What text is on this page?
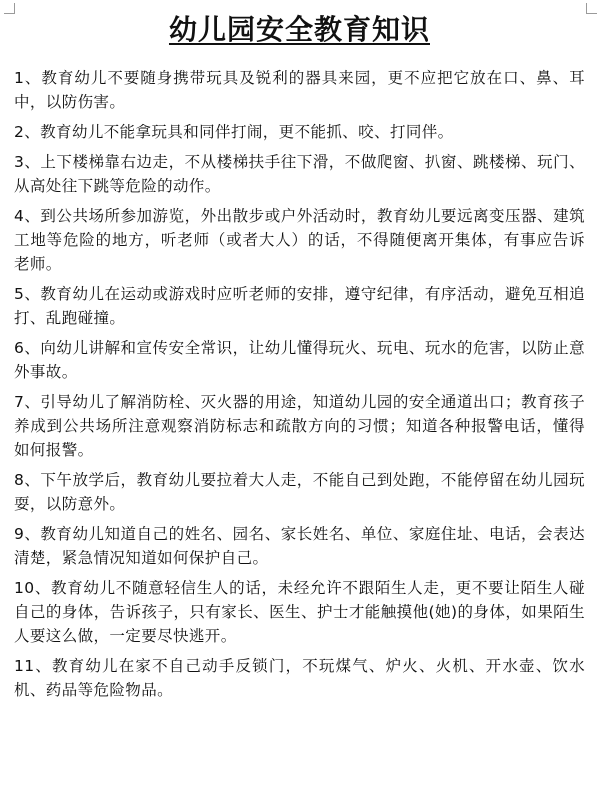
幼儿园安全教育知识
1、教育幼儿不要随身携带玩具及锐利的器具来园，更不应把它放在口、鼻、耳中，以防伤害。
2、教育幼儿不能拿玩具和同伴打闹，更不能抓、咬、打同伴。
3、上下楼梯靠右边走，不从楼梯扶手往下滑，不做爬窗、扒窗、跳楼梯、玩门、从高处往下跳等危险的动作。
4、到公共场所参加游览，外出散步或户外活动时，教育幼儿要远离变压器、建筑工地等危险的地方，听老师（或者大人）的话，不得随便离开集体，有事应告诉老师。
5、教育幼儿在运动或游戏时应听老师的安排，遵守纪律，有序活动，避免互相追打、乱跑碰撞。
6、向幼儿讲解和宣传安全常识，让幼儿懂得玩火、玩电、玩水的危害，以防止意外事故。
7、引导幼儿了解消防栓、灭火器的用途，知道幼儿园的安全通道出口；教育孩子养成到公共场所注意观察消防标志和疏散方向的习惯；知道各种报警电话，懂得如何报警。
8、下午放学后，教育幼儿要拉着大人走，不能自己到处跑，不能停留在幼儿园玩耍，以防意外。
9、教育幼儿知道自己的姓名、园名、家长姓名、单位、家庭住址、电话，会表达清楚，紧急情况知道如何保护自己。
10、教育幼儿不随意轻信生人的话，未经允许不跟陌生人走，更不要让陌生人碰自己的身体，告诉孩子，只有家长、医生、护士才能触摸他(她)的身体，如果陌生人要这么做，一定要尽快逃开。
11、教育幼儿在家不自己动手反锁门，不玩煤气、炉火、火机、开水壶、饮水机、药品等危险物品。
